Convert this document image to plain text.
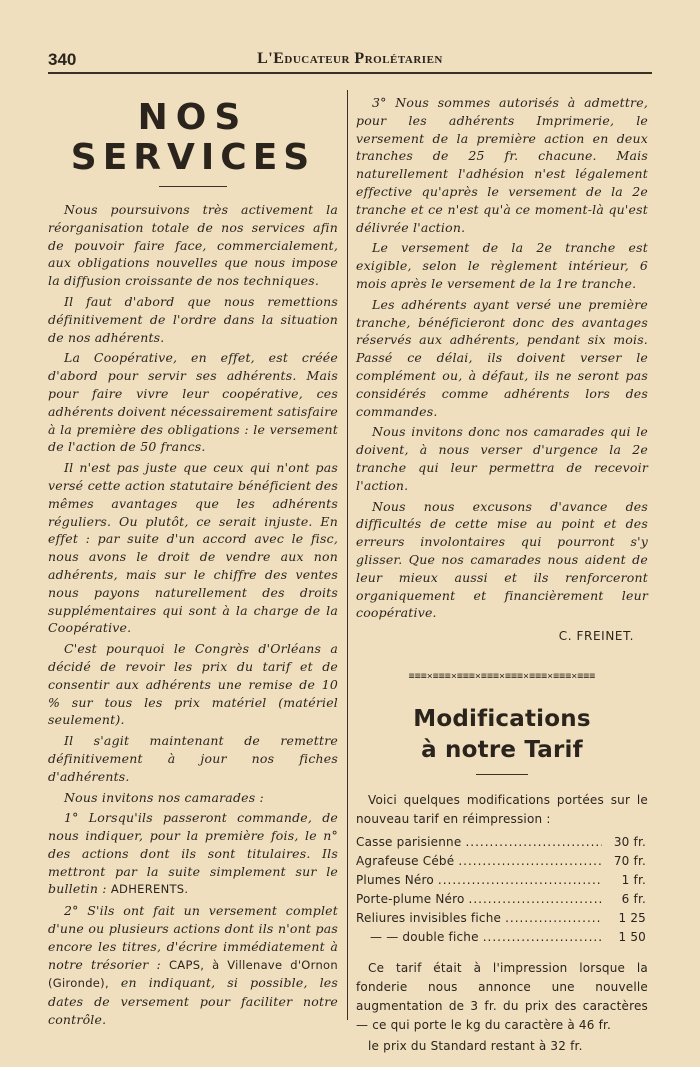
340	L'Educateur Prolétarien
NOS
SERVICES

Nous poursuivons très activement la réorganisation totale de nos services afin de pouvoir faire face, commercialement, aux obligations nouvelles que nous impose la diffusion croissante de nos techniques.

Il faut d'abord que nous remettions définitivement de l'ordre dans la situation de nos adhérents.

La Coopérative, en effet, est créée d'abord pour servir ses adhérents. Mais pour faire vivre leur coopérative, ces adhérents doivent nécessairement satisfaire à la première des obligations : le versement de l'action de 50 francs.

Il n'est pas juste que ceux qui n'ont pas versé cette action statutaire bénéficient des mêmes avantages que les adhérents réguliers. Ou plutôt, ce serait injuste. En effet : par suite d'un accord avec le fisc, nous avons le droit de vendre aux non adhérents, mais sur le chiffre des ventes nous payons naturellement des droits supplémentaires qui sont à la charge de la Coopérative.

C'est pourquoi le Congrès d'Orléans a décidé de revoir les prix du tarif et de consentir aux adhérents une remise de 10 % sur tous les prix matériel (matériel seulement).

Il s'agit maintenant de remettre définitivement à jour nos fiches d'adhérents.

Nous invitons nos camarades :

1° Lorsqu'ils passeront commande, de nous indiquer, pour la première fois, le n° des actions dont ils sont titulaires. Ils mettront par la suite simplement sur le bulletin : ADHERENTS.

2° S'ils ont fait un versement complet d'une ou plusieurs actions dont ils n'ont pas encore les titres, d'écrire immédiatement à notre trésorier : CAPS, à Villenave d'Ornon (Gironde), en indiquant, si possible, les dates de versement pour faciliter notre contrôle.

3° Nous sommes autorisés à admettre, pour les adhérents Imprimerie, le versement de la première action en deux tranches de 25 fr. chacune. Mais naturellement l'adhésion n'est légalement effective qu'après le versement de la 2e tranche et ce n'est qu'à ce moment-là qu'est délivrée l'action.

Le versement de la 2e tranche est exigible, selon le règlement intérieur, 6 mois après le versement de la 1re tranche.

Les adhérents ayant versé une première tranche, bénéficieront donc des avantages réservés aux adhérents, pendant six mois. Passé ce délai, ils doivent verser le complément ou, à défaut, ils ne seront pas considérés comme adhérents lors des commandes.

Nous invitons donc nos camarades qui le doivent, à nous verser d'urgence la 2e tranche qui leur permettra de recevoir l'action.

Nous nous excusons d'avance des difficultés de cette mise au point et des erreurs involontaires qui pourront s'y glisser. Que nos camarades nous aident de leur mieux aussi et ils renforceront organiquement et financièrement leur coopérative.

C. FREINET.
≡≡≡×≡≡≡×≡≡≡×≡≡≡×≡≡≡×≡≡≡×≡≡≡×≡≡≡
Modifications
à notre Tarif

Voici quelques modifications portées sur le nouveau tarif en réimpression :

Casse parisienne .....	30 fr.
Agrafeuse Cébé .....	70 fr.
Plumes Néro .....	1 fr.
Porte-plume Néro .....	6 fr.
Reliures invisibles fiche .....	1 25
— — double fiche .....	1 50

Ce tarif était à l'impression lorsque la fonderie nous annonce une nouvelle augmentation de 3 fr. du prix des caractères — ce qui porte le kg du caractère à 46 fr.

le prix du Standard restant à 32 fr.
